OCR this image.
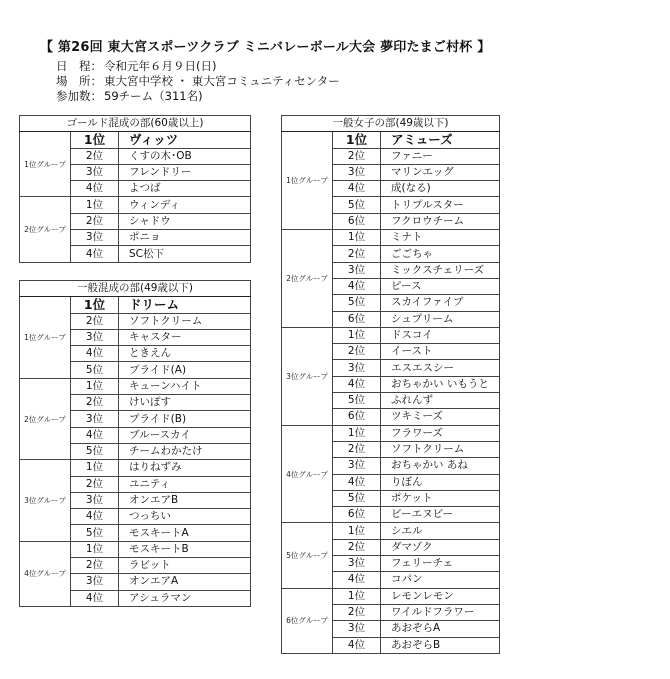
【 第26回 東大宮スポーツクラブ ミニバレーボール大会 夢印たまご村杯 】
日　程： 令和元年６月９日(日)
場　所： 東大宮中学校 ・ 東大宮コミュニティセンター
参加数： 59チーム（311名)
ゴールド混成の部(60歳以上)		
1位グループ	1位	ヴィッツ
	2位	くすの木･OB
	3位	フレンドリー
	4位	よつば
2位グループ	1位	ウィンディ
	2位	シャドウ
	3位	ポニョ
	4位	SC松下
一般混成の部(49歳以下)		
1位グループ	1位	ドリーム
	2位	ソフトクリーム
	3位	キャスター
	4位	ときえん
	5位	プライド(A)
2位グループ	1位	キューンハイト
	2位	けいぽす
	3位	プライド(B)
	4位	ブルースカイ
	5位	チームわかたけ
3位グループ	1位	はりねずみ
	2位	ユニティ
	3位	オンエアB
	4位	つっちい
	5位	モスキートA
4位グループ	1位	モスキートB
	2位	ラビット
	3位	オンエアA
	4位	アシュラマン
一般女子の部(49歳以下)		
1位グループ	1位	アミューズ
	2位	ファニー
	3位	マリンエッグ
	4位	成(なる)
	5位	トリプルスター
	6位	フクロウチーム
2位グループ	1位	ミナト
	2位	ごごちゃ
	3位	ミックスチェリーズ
	4位	ピース
	5位	スカイファイブ
	6位	シュプリーム
3位グループ	1位	ドスコイ
	2位	イースト
	3位	エスエスシー
	4位	おちゃかい いもうと
	5位	ふれんず
	6位	ツキミーズ
4位グループ	1位	フラワーズ
	2位	ソフトクリーム
	3位	おちゃかい あね
	4位	りぼん
	5位	ポケット
	6位	ビーエヌビー
5位グループ	1位	シエル
	2位	ダマゾク
	3位	フェリーチェ
	4位	コパン
6位グループ	1位	レモンレモン
	2位	ワイルドフラワー
	3位	あおぞらA
	4位	あおぞらB
